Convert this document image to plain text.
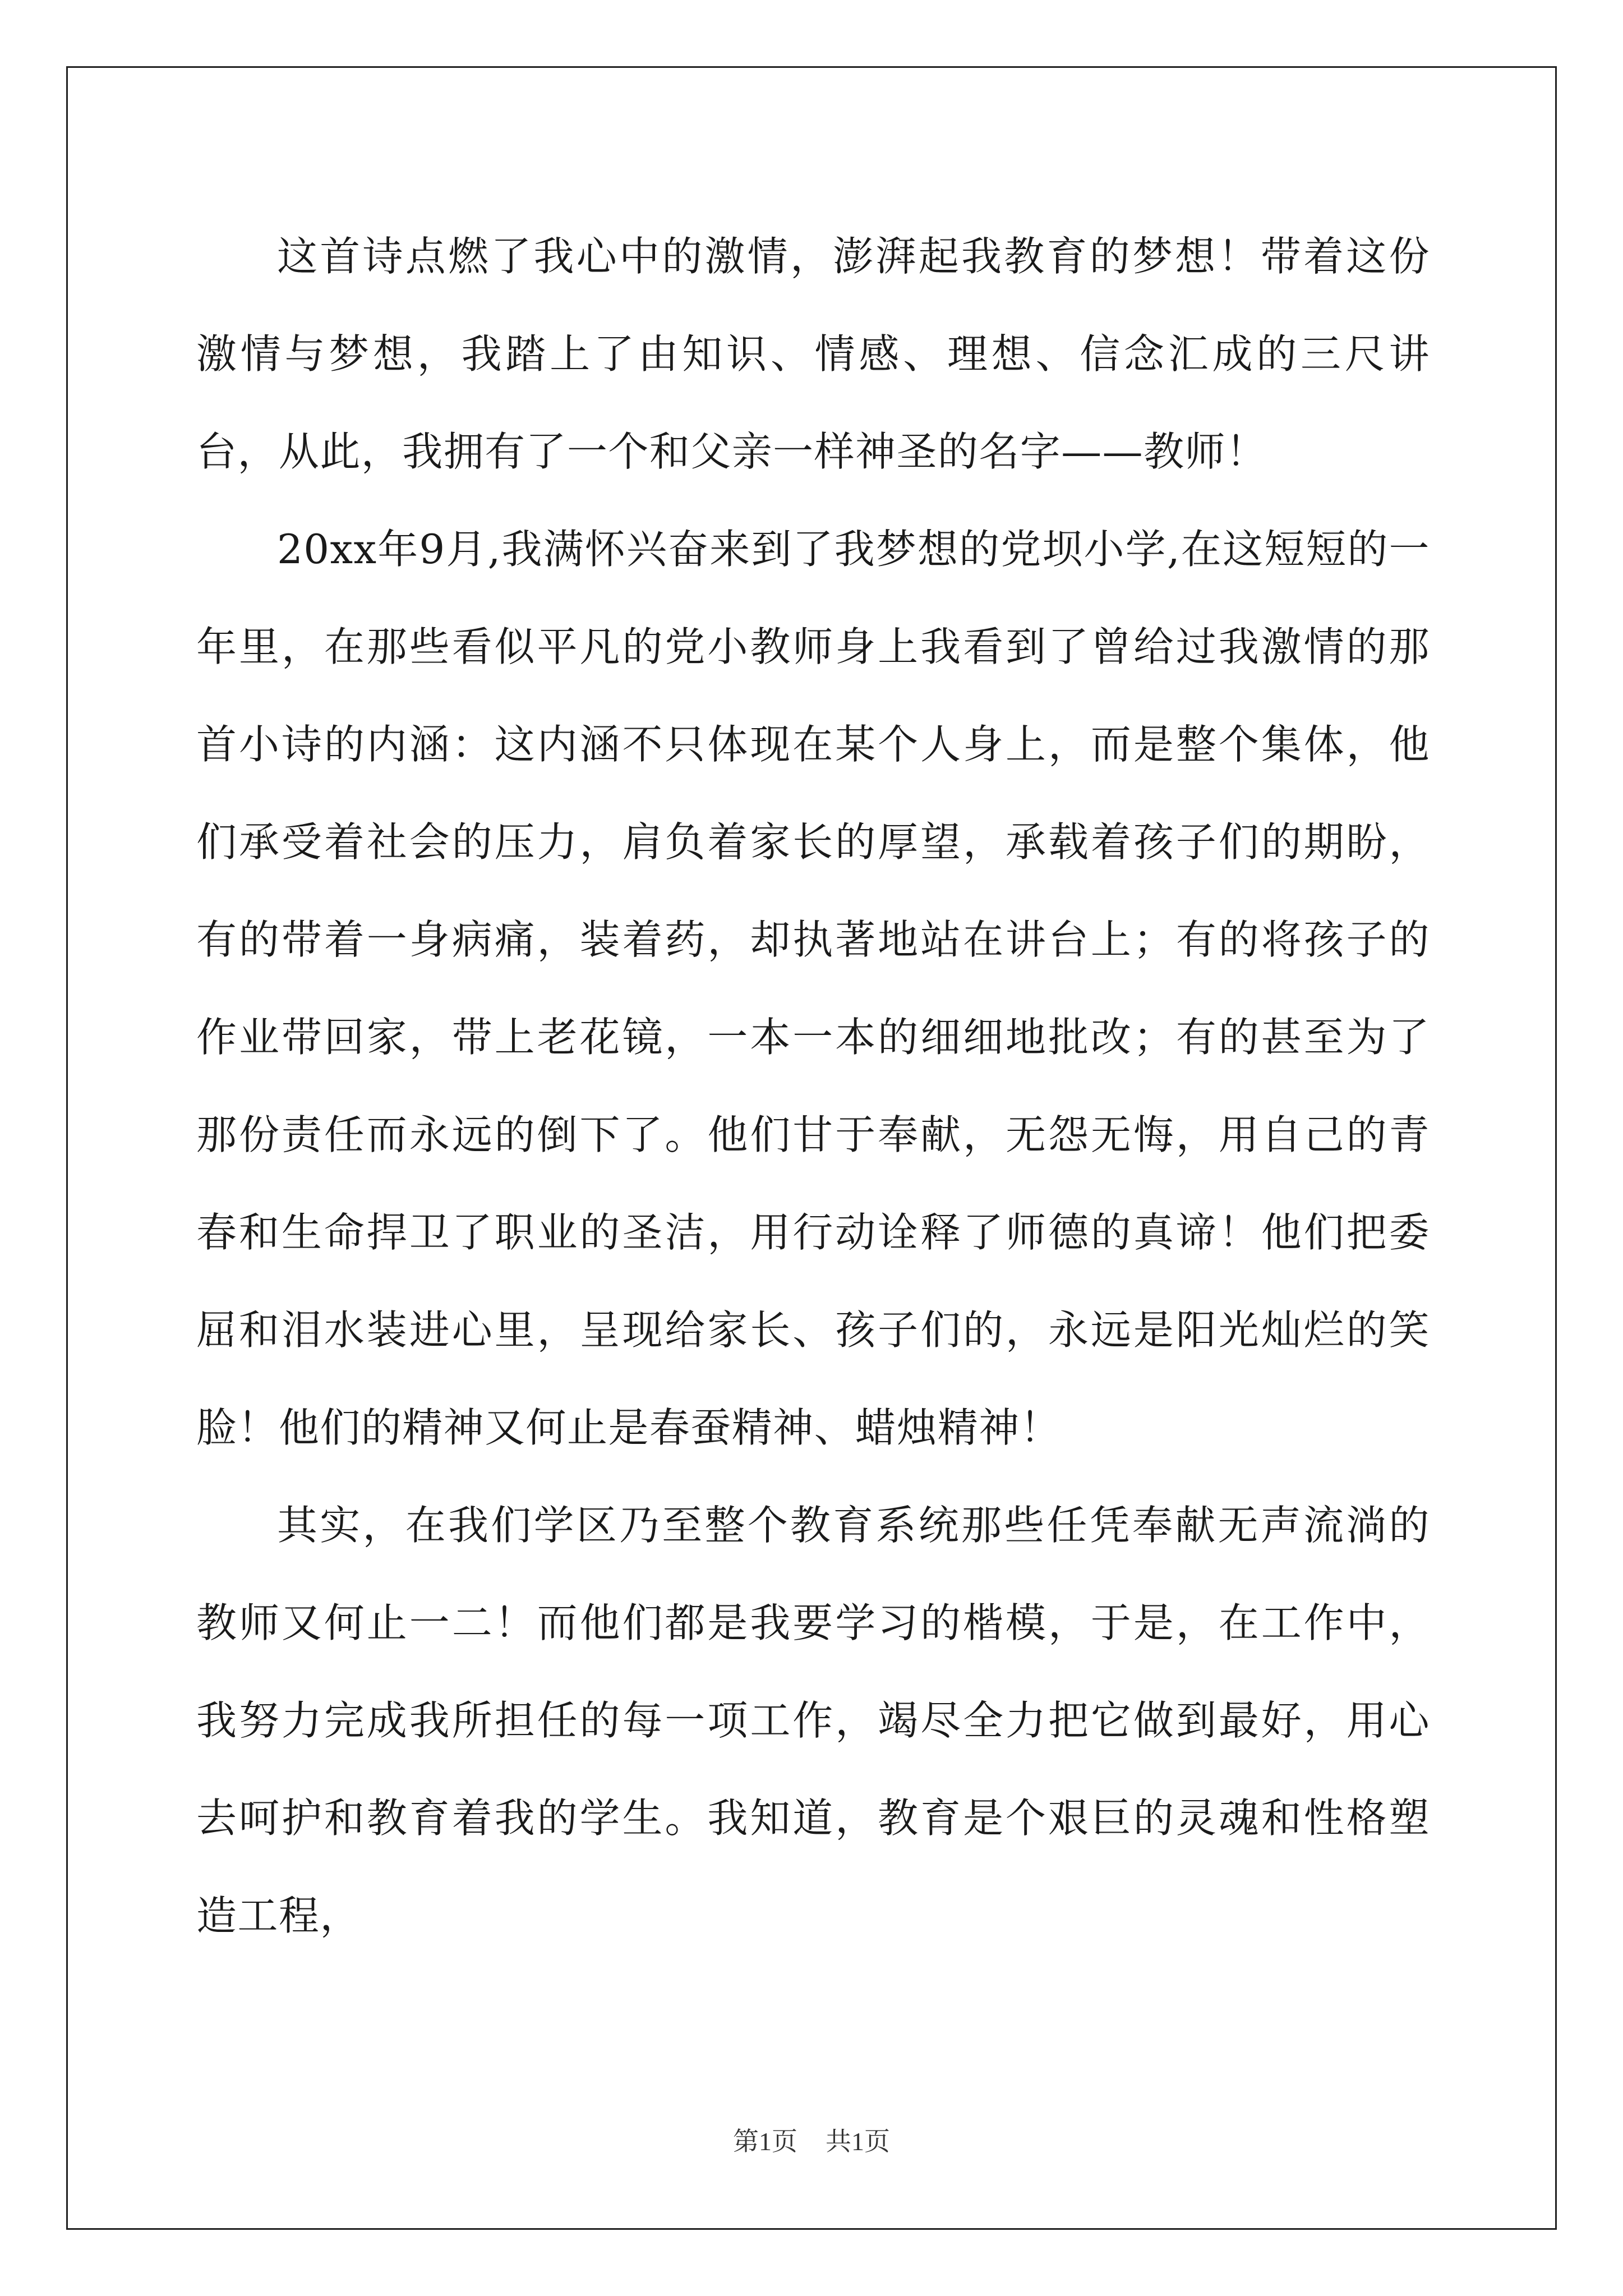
这首诗点燃了我心中的激情，澎湃起我教育的梦想！带着这份激情与梦想，我踏上了由知识、情感、理想、信念汇成的三尺讲台，从此，我拥有了一个和父亲一样神圣的名字——教师！

20xx年9月,我满怀兴奋来到了我梦想的党坝小学,在这短短的一年里，在那些看似平凡的党小教师身上我看到了曾给过我激情的那首小诗的内涵：这内涵不只体现在某个人身上，而是整个集体，他们承受着社会的压力，肩负着家长的厚望，承载着孩子们的期盼，有的带着一身病痛，装着药，却执著地站在讲台上；有的将孩子的作业带回家，带上老花镜，一本一本的细细地批改；有的甚至为了那份责任而永远的倒下了。他们甘于奉献，无怨无悔，用自己的青春和生命捍卫了职业的圣洁，用行动诠释了师德的真谛！他们把委屈和泪水装进心里，呈现给家长、孩子们的，永远是阳光灿烂的笑脸！他们的精神又何止是春蚕精神、蜡烛精神！

其实，在我们学区乃至整个教育系统那些任凭奉献无声流淌的教师又何止一二！而他们都是我要学习的楷模，于是，在工作中，我努力完成我所担任的每一项工作，竭尽全力把它做到最好，用心去呵护和教育着我的学生。我知道，教育是个艰巨的灵魂和性格塑造工程，

第1页 共1页
